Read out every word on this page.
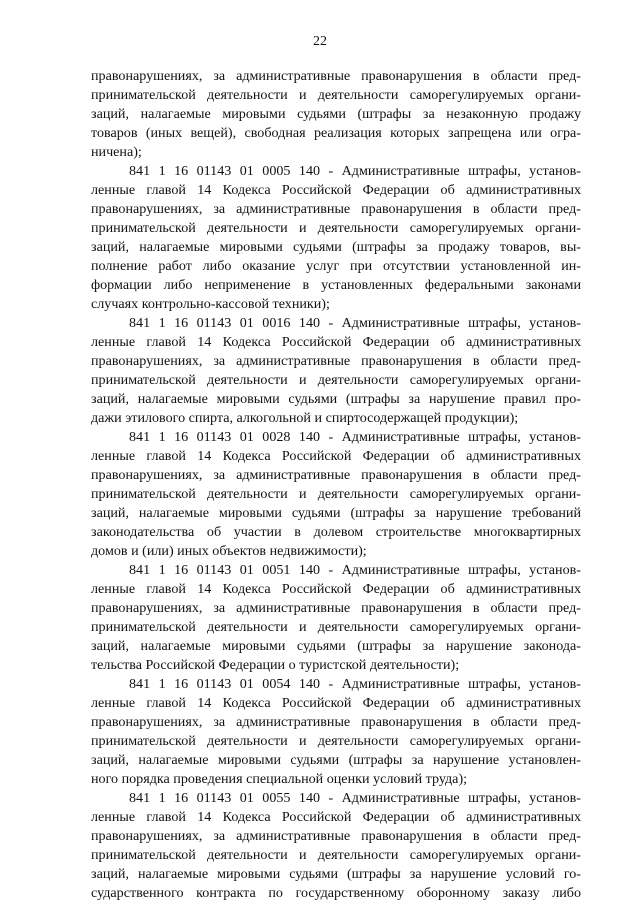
22
правонарушениях, за административные правонарушения в области пред-
принимательской деятельности и деятельности саморегулируемых органи-
заций, налагаемые мировыми судьями (штрафы за незаконную продажу
товаров (иных вещей), свободная реализация которых запрещена или огра-
ничена);
841 1 16 01143 01 0005 140 - Административные штрафы, установ-
ленные главой 14 Кодекса Российской Федерации об административных
правонарушениях, за административные правонарушения в области пред-
принимательской деятельности и деятельности саморегулируемых органи-
заций, налагаемые мировыми судьями (штрафы за продажу товаров, вы-
полнение работ либо оказание услуг при отсутствии установленной ин-
формации либо неприменение в установленных федеральными законами
случаях контрольно-кассовой техники);
841 1 16 01143 01 0016 140 - Административные штрафы, установ-
ленные главой 14 Кодекса Российской Федерации об административных
правонарушениях, за административные правонарушения в области пред-
принимательской деятельности и деятельности саморегулируемых органи-
заций, налагаемые мировыми судьями (штрафы за нарушение правил про-
дажи этилового спирта, алкогольной и спиртосодержащей продукции);
841 1 16 01143 01 0028 140 - Административные штрафы, установ-
ленные главой 14 Кодекса Российской Федерации об административных
правонарушениях, за административные правонарушения в области пред-
принимательской деятельности и деятельности саморегулируемых органи-
заций, налагаемые мировыми судьями (штрафы за нарушение требований
законодательства об участии в долевом строительстве многоквартирных
домов и (или) иных объектов недвижимости);
841 1 16 01143 01 0051 140 - Административные штрафы, установ-
ленные главой 14 Кодекса Российской Федерации об административных
правонарушениях, за административные правонарушения в области пред-
принимательской деятельности и деятельности саморегулируемых органи-
заций, налагаемые мировыми судьями (штрафы за нарушение законода-
тельства Российской Федерации о туристской деятельности);
841 1 16 01143 01 0054 140 - Административные штрафы, установ-
ленные главой 14 Кодекса Российской Федерации об административных
правонарушениях, за административные правонарушения в области пред-
принимательской деятельности и деятельности саморегулируемых органи-
заций, налагаемые мировыми судьями (штрафы за нарушение установлен-
ного порядка проведения специальной оценки условий труда);
841 1 16 01143 01 0055 140 - Административные штрафы, установ-
ленные главой 14 Кодекса Российской Федерации об административных
правонарушениях, за административные правонарушения в области пред-
принимательской деятельности и деятельности саморегулируемых органи-
заций, налагаемые мировыми судьями (штрафы за нарушение условий го-
сударственного контракта по государственному оборонному заказу либо
